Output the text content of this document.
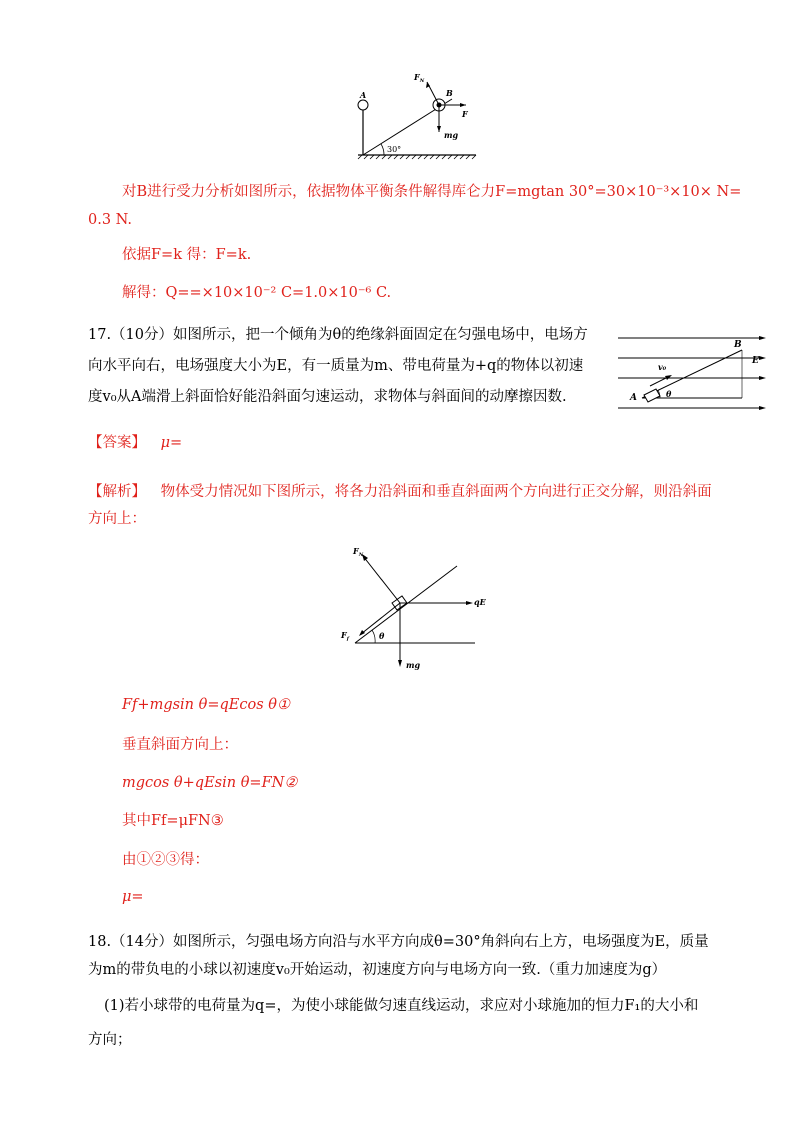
A
30°
B
$F_N$
F
mg
对B进行受力分析如图所示，依据物体平衡条件解得库仑力F=mgtan 30°=30×10⁻³×10× N=
0.3 N.
依据F=k 得：F=k.
解得：Q==×10×10⁻² C=1.0×10⁻⁶ C.
17.（10分）如图所示，把一个倾角为θ的绝缘斜面固定在匀强电场中，电场方
向水平向右，电场强度大小为E，有一质量为m、带电荷量为+q的物体以初速
度v₀从A端滑上斜面恰好能沿斜面匀速运动，求物体与斜面间的动摩擦因数.
v₀
B
E
A	θ
【答案】 μ=
【解析】 物体受力情况如下图所示，将各力沿斜面和垂直斜面两个方向进行正交分解，则沿斜面
方向上：
$F_N$
qE
$F_f$
mg
θ
Ff+mgsin θ=qEcos θ①
垂直斜面方向上：
mgcos θ+qEsin θ=FN②
其中Ff=μFN③
由①②③得：
μ=
18.（14分）如图所示，匀强电场方向沿与水平方向成θ=30°角斜向右上方，电场强度为E，质量
为m的带负电的小球以初速度v₀开始运动，初速度方向与电场方向一致.（重力加速度为g）
(1)若小球带的电荷量为q=，为使小球能做匀速直线运动，求应对小球施加的恒力F₁的大小和
方向；
